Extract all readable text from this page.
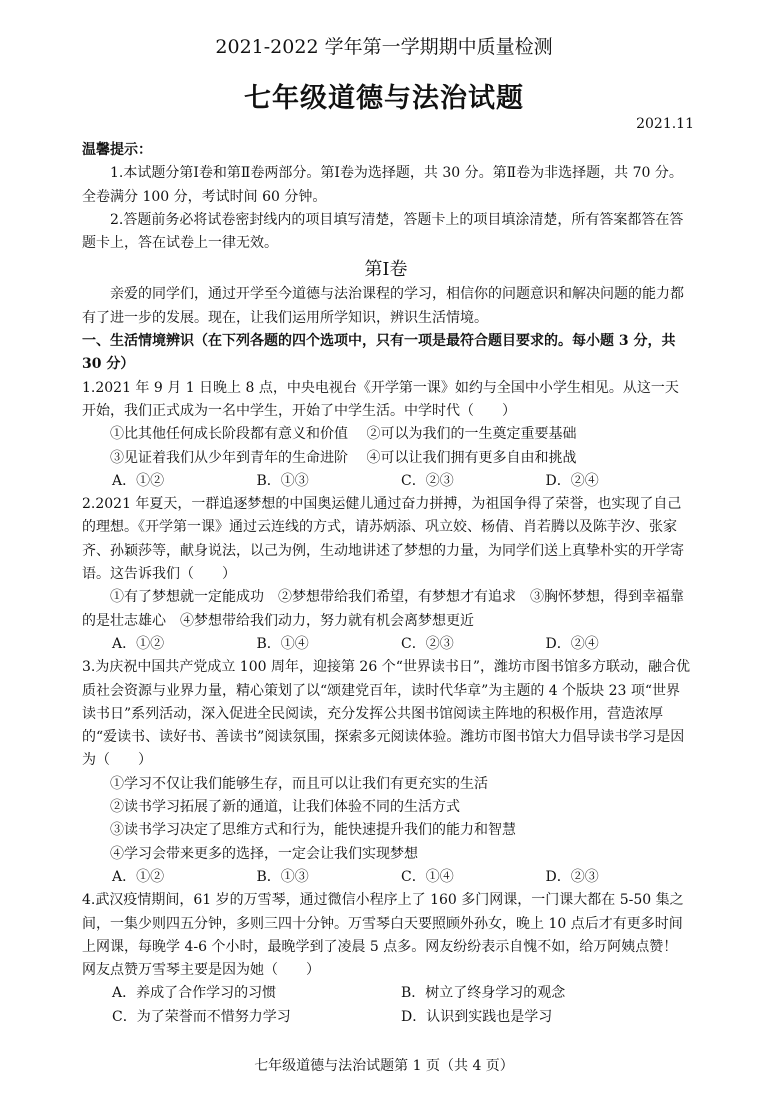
2021-2022 学年第一学期期中质量检测
七年级道德与法治试题
2021.11

温馨提示：

1.本试题分第Ⅰ卷和第Ⅱ卷两部分。第Ⅰ卷为选择题，共 30 分。第Ⅱ卷为非选择题，共 70 分。全卷满分 100 分，考试时间 60 分钟。

2.答题前务必将试卷密封线内的项目填写清楚，答题卡上的项目填涂清楚，所有答案都答在答题卡上，答在试卷上一律无效。

第Ⅰ卷

亲爱的同学们，通过开学至今道德与法治课程的学习，相信你的问题意识和解决问题的能力都有了进一步的发展。现在，让我们运用所学知识，辨识生活情境。

一、生活情境辨识（在下列各题的四个选项中，只有一项是最符合题目要求的。每小题 3 分，共 30 分）

1.2021 年 9 月 1 日晚上 8 点，中央电视台《开学第一课》如约与全国中小学生相见。从这一天开始，我们正式成为一名中学生，开始了中学生活。中学时代（　　）

①比其他任何成长阶段都有意义和价值　 ②可以为我们的一生奠定重要基础

③见证着我们从少年到青年的生命进阶　 ④可以让我们拥有更多自由和挑战

A．①②	B．①③	C．②③	D．②④

2.2021 年夏天，一群追逐梦想的中国奥运健儿通过奋力拼搏，为祖国争得了荣誉，也实现了自己的理想。《开学第一课》通过云连线的方式，请苏炳添、巩立姣、杨倩、肖若腾以及陈芋汐、张家齐、孙颖莎等，献身说法，以己为例，生动地讲述了梦想的力量，为同学们送上真挚朴实的开学寄语。这告诉我们（　　）

①有了梦想就一定能成功　②梦想带给我们希望，有梦想才有追求　③胸怀梦想，得到幸福靠的是壮志雄心　④梦想带给我们动力，努力就有机会离梦想更近

A．①②	B．①④	C．②③	D．②④

3.为庆祝中国共产党成立 100 周年，迎接第 26 个“世界读书日”，潍坊市图书馆多方联动，融合优质社会资源与业界力量，精心策划了以“颂建党百年，读时代华章”为主题的 4 个版块 23 项“世界读书日”系列活动，深入促进全民阅读，充分发挥公共图书馆阅读主阵地的积极作用，营造浓厚的“爱读书、读好书、善读书”阅读氛围，探索多元阅读体验。潍坊市图书馆大力倡导读书学习是因为（　　）

①学习不仅让我们能够生存，而且可以让我们有更充实的生活

②读书学习拓展了新的通道，让我们体验不同的生活方式

③读书学习决定了思维方式和行为，能快速提升我们的能力和智慧

④学习会带来更多的选择，一定会让我们实现梦想

A．①②	B．①③	C．①④	D．②③

4.武汉疫情期间，61 岁的万雪琴，通过微信小程序上了 160 多门网课，一门课大都在 5-50 集之间，一集少则四五分钟，多则三四十分钟。万雪琴白天要照顾外孙女，晚上 10 点后才有更多时间上网课，每晚学 4-6 个小时，最晚学到了凌晨 5 点多。网友纷纷表示自愧不如，给万阿姨点赞！网友点赞万雪琴主要是因为她（　　）

A．养成了合作学习的习惯	B．树立了终身学习的观念
C．为了荣誉而不惜努力学习	D．认识到实践也是学习
七年级道德与法治试题第 1 页（共 4 页）
